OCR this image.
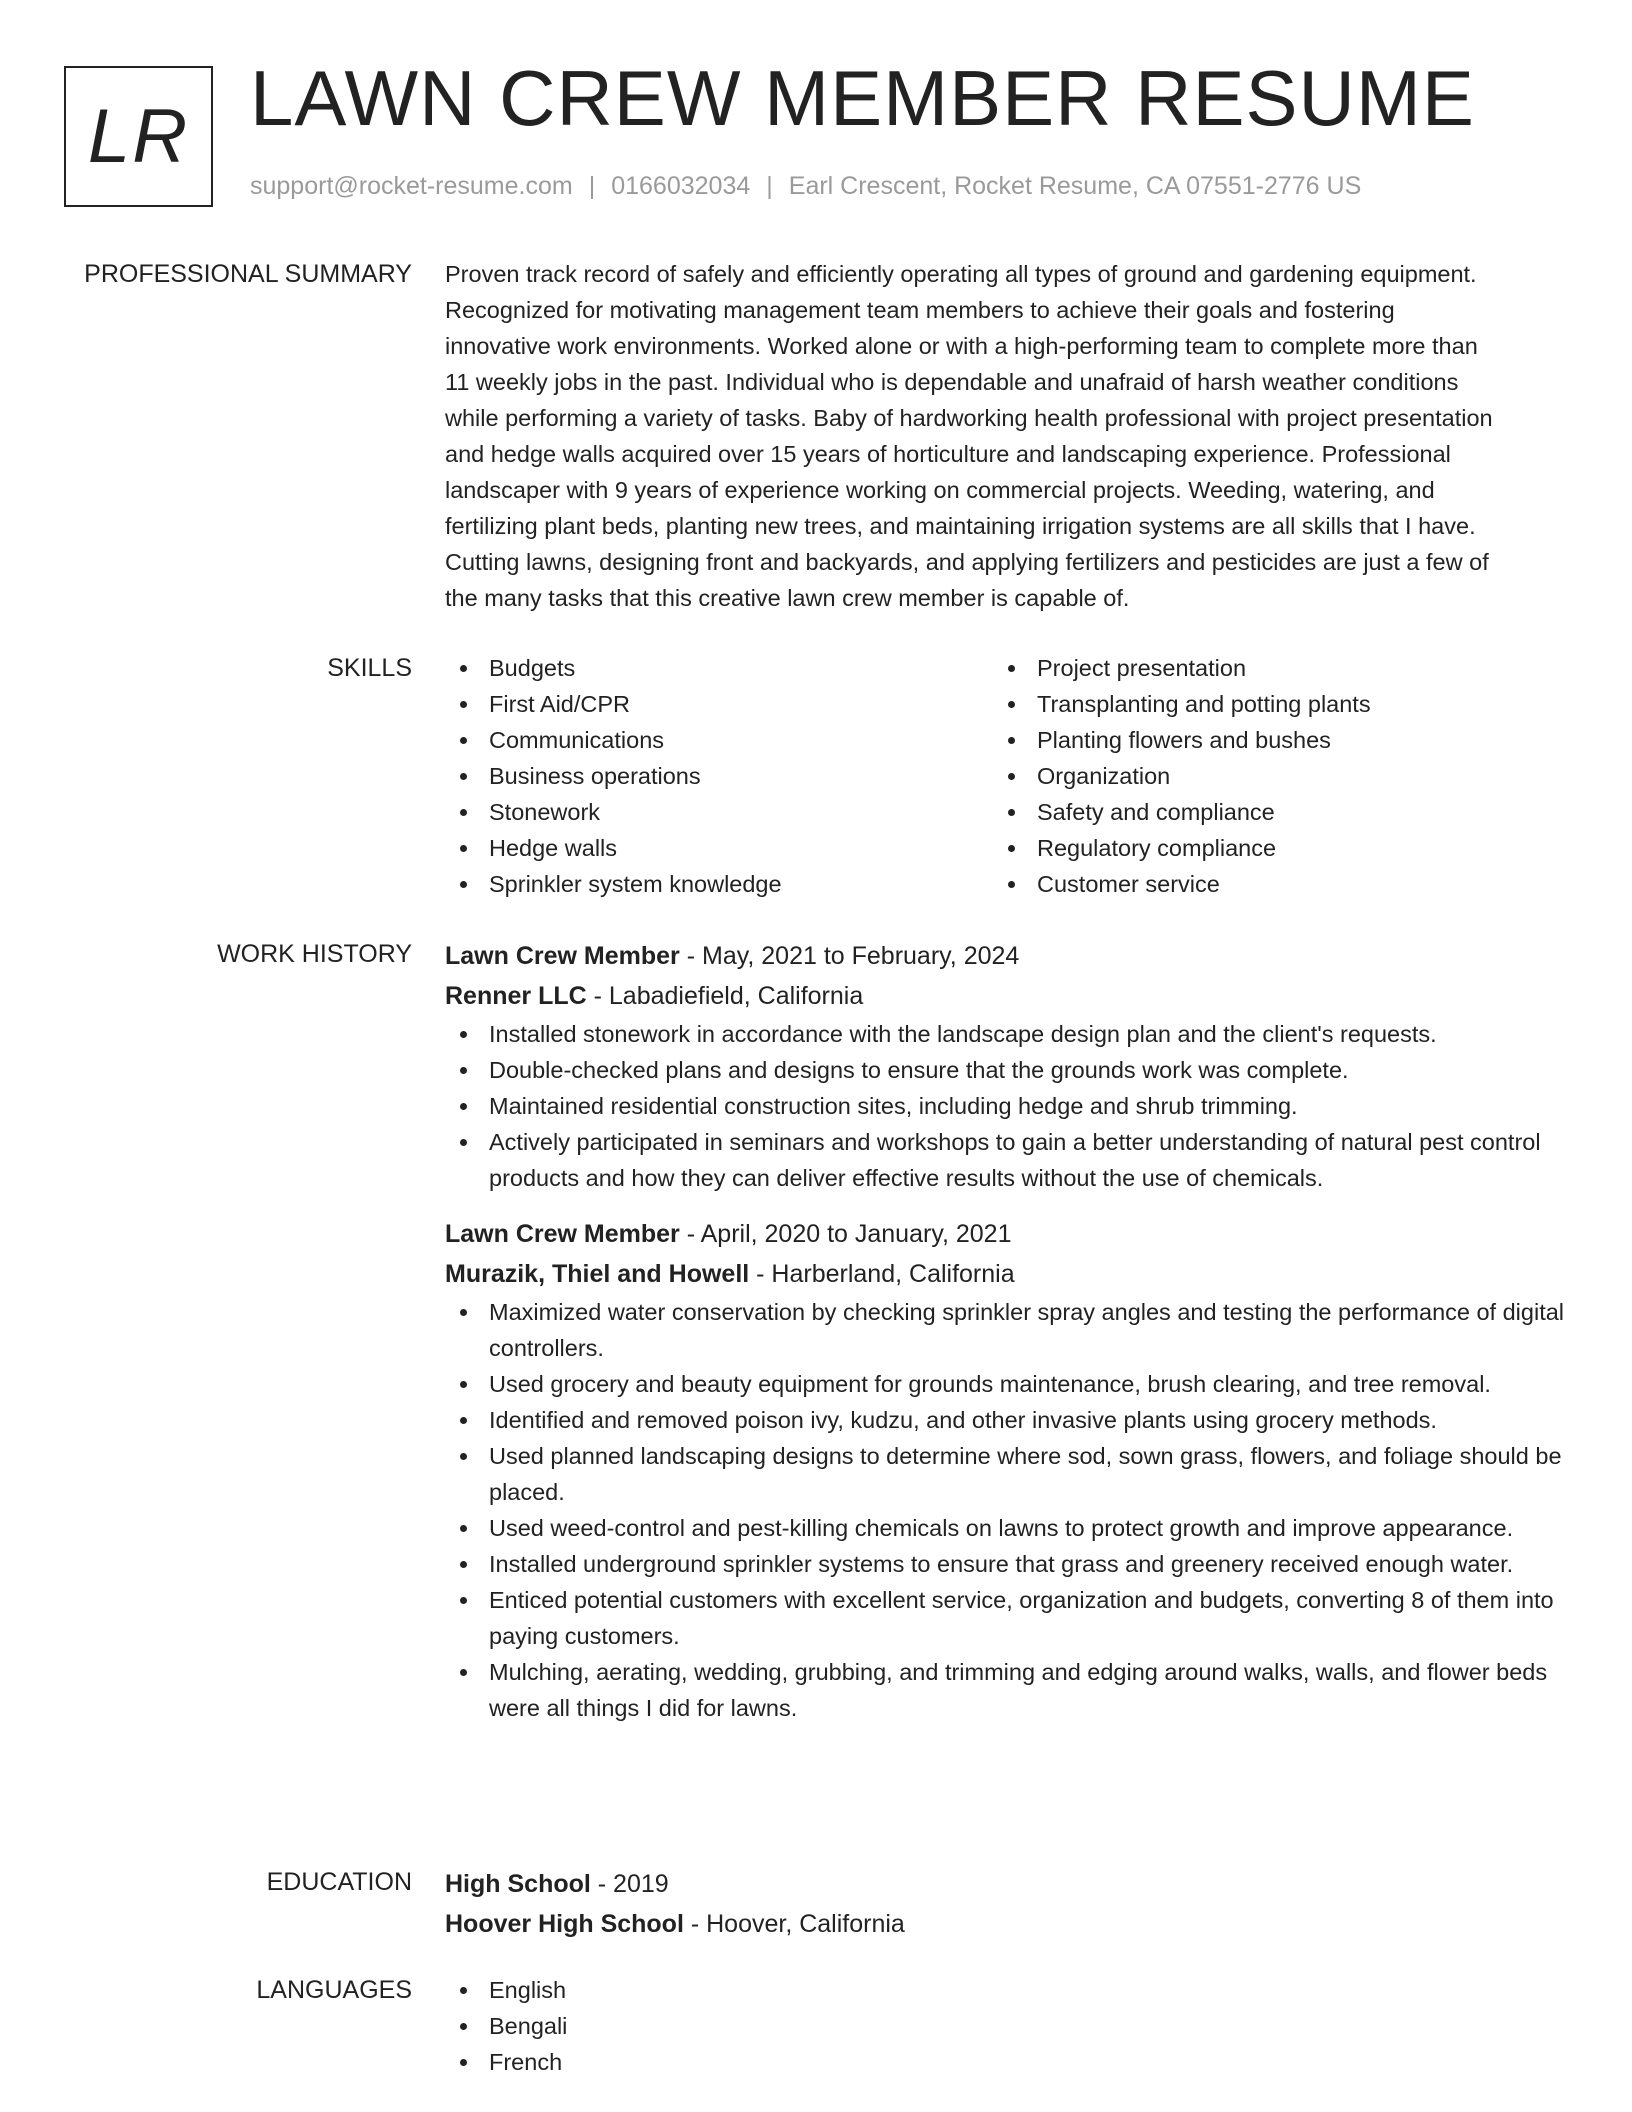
LR LAWN CREW MEMBER RESUME
support@rocket-resume.com | 0166032034 | Earl Crescent, Rocket Resume, CA 07551-2776 US
PROFESSIONAL SUMMARY Proven track record of safely and efficiently operating all types of ground and gardening equipment.
Recognized for motivating management team members to achieve their goals and fostering
innovative work environments. Worked alone or with a high-performing team to complete more than
11 weekly jobs in the past. Individual who is dependable and unafraid of harsh weather conditions
while performing a variety of tasks. Baby of hardworking health professional with project presentation
and hedge walls acquired over 15 years of horticulture and landscaping experience. Professional
landscaper with 9 years of experience working on commercial projects. Weeding, watering, and
fertilizing plant beds, planting new trees, and maintaining irrigation systems are all skills that I have.
Cutting lawns, designing front and backyards, and applying fertilizers and pesticides are just a few of
the many tasks that this creative lawn crew member is capable of.
SKILLS	Budgets
First Aid/CPR
Communications
Business operations
Stonework
Hedge walls
Sprinkler system knowledge
Project presentation
Transplanting and potting plants
Planting flowers and bushes
Organization
Safety and compliance
Regulatory compliance
Customer service
WORK HISTORY Lawn Crew Member - May, 2021 to February, 2024
Renner LLC - Labadiefield, California
Installed stonework in accordance with the landscape design plan and the client's requests.
Double-checked plans and designs to ensure that the grounds work was complete.
Maintained residential construction sites, including hedge and shrub trimming.
Actively participated in seminars and workshops to gain a better understanding of natural pest control products and how they can deliver effective results without the use of chemicals.
Lawn Crew Member - April, 2020 to January, 2021
Murazik, Thiel and Howell - Harberland, California
Maximized water conservation by checking sprinkler spray angles and testing the performance of digital controllers.
Used grocery and beauty equipment for grounds maintenance, brush clearing, and tree removal.
Identified and removed poison ivy, kudzu, and other invasive plants using grocery methods.
Used planned landscaping designs to determine where sod, sown grass, flowers, and foliage should be placed.
Used weed-control and pest-killing chemicals on lawns to protect growth and improve appearance.
Installed underground sprinkler systems to ensure that grass and greenery received enough water.
Enticed potential customers with excellent service, organization and budgets, converting 8 of them into paying customers.
Mulching, aerating, wedding, grubbing, and trimming and edging around walks, walls, and flower beds were all things I did for lawns.
EDUCATION High School - 2019
Hoover High School - Hoover, California
LANGUAGES	English
Bengali
French
